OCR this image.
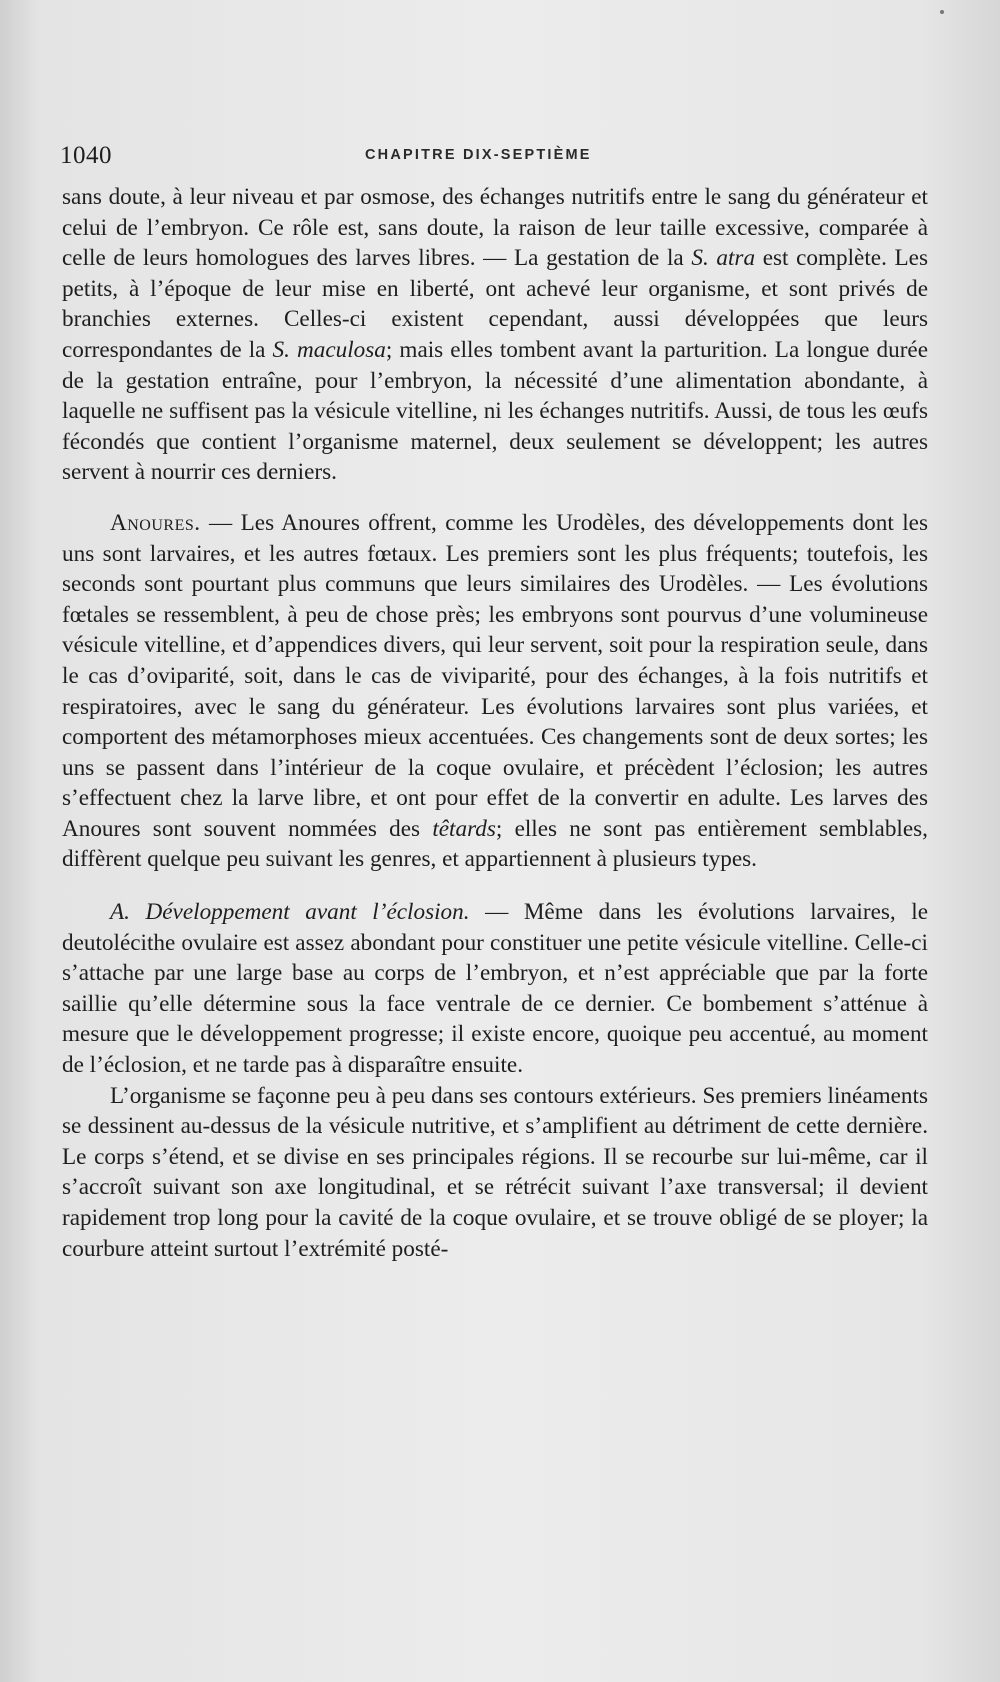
1040	CHAPITRE DIX-SEPTIÈME

sans doute, à leur niveau et par osmose, des échanges nutritifs entre le sang du générateur et celui de l’embryon. Ce rôle est, sans doute, la raison de leur taille excessive, comparée à celle de leurs homologues des larves libres. — La gestation de la S. atra est complète. Les petits, à l’époque de leur mise en liberté, ont achevé leur organisme, et sont privés de branchies externes. Celles-ci existent cependant, aussi développées que leurs correspondantes de la S. maculosa; mais elles tombent avant la parturition. La longue durée de la gestation entraîne, pour l’embryon, la nécessité d’une alimentation abondante, à laquelle ne suffisent pas la vésicule vitelline, ni les échanges nutritifs. Aussi, de tous les œufs fécondés que contient l’organisme maternel, deux seulement se développent; les autres servent à nourrir ces derniers.

Anoures. — Les Anoures offrent, comme les Urodèles, des développements dont les uns sont larvaires, et les autres fœtaux. Les premiers sont les plus fréquents; toutefois, les seconds sont pourtant plus communs que leurs similaires des Urodèles. — Les évolutions fœtales se ressemblent, à peu de chose près; les embryons sont pourvus d’une volumineuse vésicule vitelline, et d’appendices divers, qui leur servent, soit pour la respiration seule, dans le cas d’oviparité, soit, dans le cas de viviparité, pour des échanges, à la fois nutritifs et respiratoires, avec le sang du générateur. Les évolutions larvaires sont plus variées, et comportent des métamorphoses mieux accentuées. Ces changements sont de deux sortes; les uns se passent dans l’intérieur de la coque ovulaire, et précèdent l’éclosion; les autres s’effectuent chez la larve libre, et ont pour effet de la convertir en adulte. Les larves des Anoures sont souvent nommées des têtards; elles ne sont pas entièrement semblables, diffèrent quelque peu suivant les genres, et appartiennent à plusieurs types.

A. Développement avant l’éclosion. — Même dans les évolutions larvaires, le deutolécithe ovulaire est assez abondant pour constituer une petite vésicule vitelline. Celle-ci s’attache par une large base au corps de l’embryon, et n’est appréciable que par la forte saillie qu’elle détermine sous la face ventrale de ce dernier. Ce bombement s’atténue à mesure que le développement progresse; il existe encore, quoique peu accentué, au moment de l’éclosion, et ne tarde pas à disparaître ensuite.

L’organisme se façonne peu à peu dans ses contours extérieurs. Ses premiers linéaments se dessinent au-dessus de la vésicule nutritive, et s’amplifient au détriment de cette dernière. Le corps s’étend, et se divise en ses principales régions. Il se recourbe sur lui-même, car il s’accroît suivant son axe longitudinal, et se rétrécit suivant l’axe transversal; il devient rapidement trop long pour la cavité de la coque ovulaire, et se trouve obligé de se ployer; la courbure atteint surtout l’extrémité posté-
